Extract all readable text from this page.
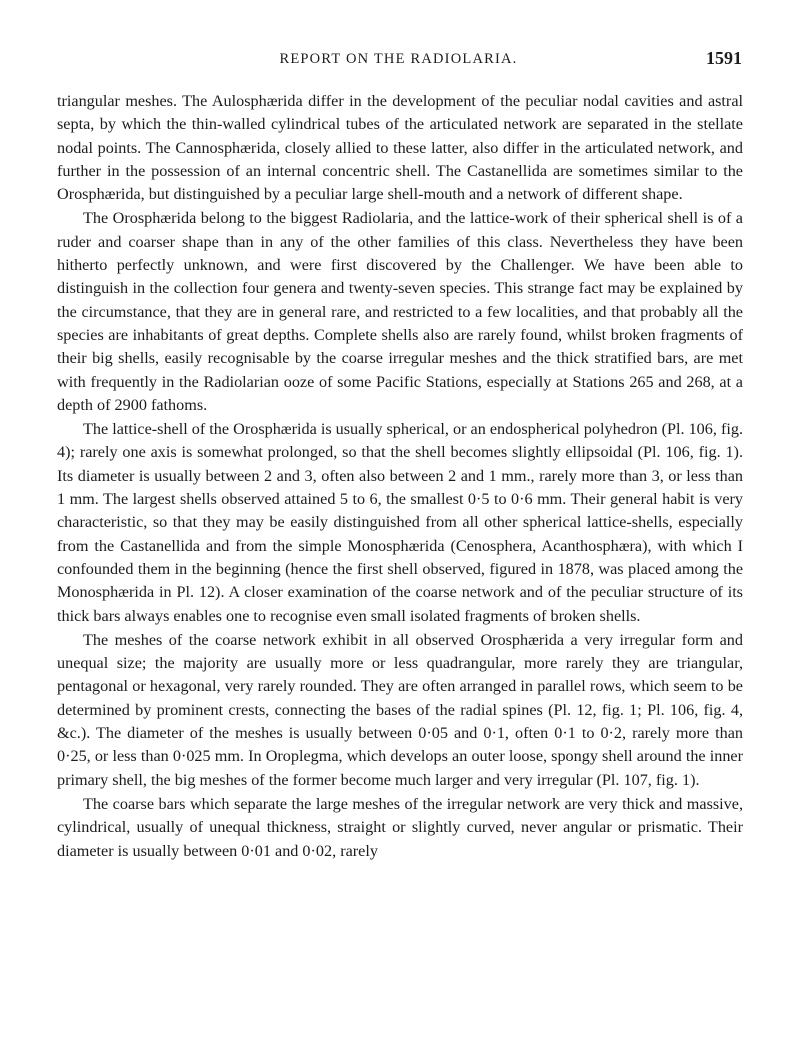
REPORT ON THE RADIOLARIA.	1591

triangular meshes. The Aulosphærida differ in the development of the peculiar nodal cavities and astral septa, by which the thin-walled cylindrical tubes of the articulated network are separated in the stellate nodal points. The Cannosphærida, closely allied to these latter, also differ in the articulated network, and further in the possession of an internal concentric shell. The Castanellida are sometimes similar to the Orosphærida, but distinguished by a peculiar large shell-mouth and a network of different shape.

The Orosphærida belong to the biggest Radiolaria, and the lattice-work of their spherical shell is of a ruder and coarser shape than in any of the other families of this class. Nevertheless they have been hitherto perfectly unknown, and were first discovered by the Challenger. We have been able to distinguish in the collection four genera and twenty-seven species. This strange fact may be explained by the circumstance, that they are in general rare, and restricted to a few localities, and that probably all the species are inhabitants of great depths. Complete shells also are rarely found, whilst broken fragments of their big shells, easily recognisable by the coarse irregular meshes and the thick stratified bars, are met with frequently in the Radiolarian ooze of some Pacific Stations, especially at Stations 265 and 268, at a depth of 2900 fathoms.

The lattice-shell of the Orosphærida is usually spherical, or an endospherical polyhedron (Pl. 106, fig. 4); rarely one axis is somewhat prolonged, so that the shell becomes slightly ellipsoidal (Pl. 106, fig. 1). Its diameter is usually between 2 and 3, often also between 2 and 1 mm., rarely more than 3, or less than 1 mm. The largest shells observed attained 5 to 6, the smallest 0·5 to 0·6 mm. Their general habit is very characteristic, so that they may be easily distinguished from all other spherical lattice-shells, especially from the Castanellida and from the simple Monosphærida (Cenosphera, Acanthosphæra), with which I confounded them in the beginning (hence the first shell observed, figured in 1878, was placed among the Monosphærida in Pl. 12). A closer examination of the coarse network and of the peculiar structure of its thick bars always enables one to recognise even small isolated fragments of broken shells.

The meshes of the coarse network exhibit in all observed Orosphærida a very irregular form and unequal size; the majority are usually more or less quadrangular, more rarely they are triangular, pentagonal or hexagonal, very rarely rounded. They are often arranged in parallel rows, which seem to be determined by prominent crests, connecting the bases of the radial spines (Pl. 12, fig. 1; Pl. 106, fig. 4, &c.). The diameter of the meshes is usually between 0·05 and 0·1, often 0·1 to 0·2, rarely more than 0·25, or less than 0·025 mm. In Oroplegma, which develops an outer loose, spongy shell around the inner primary shell, the big meshes of the former become much larger and very irregular (Pl. 107, fig. 1).

The coarse bars which separate the large meshes of the irregular network are very thick and massive, cylindrical, usually of unequal thickness, straight or slightly curved, never angular or prismatic. Their diameter is usually between 0·01 and 0·02, rarely
